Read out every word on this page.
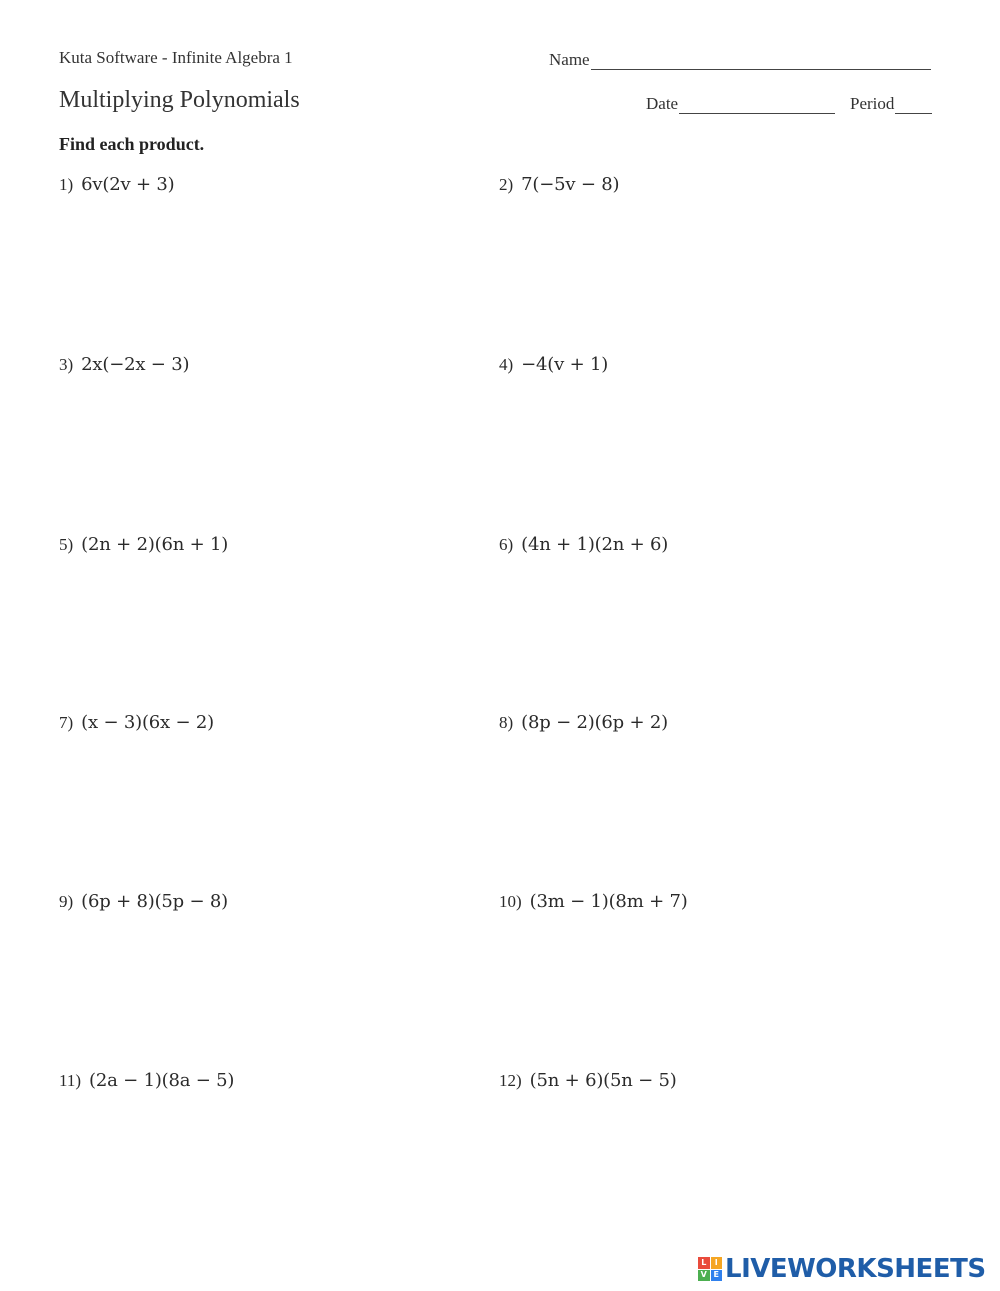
Kuta Software - Infinite Algebra 1
Multiplying Polynomials
Find each product.
Name
Date	Period
1) 6v(2v + 3)	2) 7(−5v − 8)
3) 2x(−2x − 3)	4) −4(v + 1)
5) (2n + 2)(6n + 1)	6) (4n + 1)(2n + 6)
7) (x − 3)(6x − 2)	8) (8p − 2)(6p + 2)
9) (6p + 8)(5p − 8)	10) (3m − 1)(8m + 7)
11) (2a − 1)(8a − 5)	12) (5n + 6)(5n − 5)
L	I
V E LIVEWORKSHEETS
